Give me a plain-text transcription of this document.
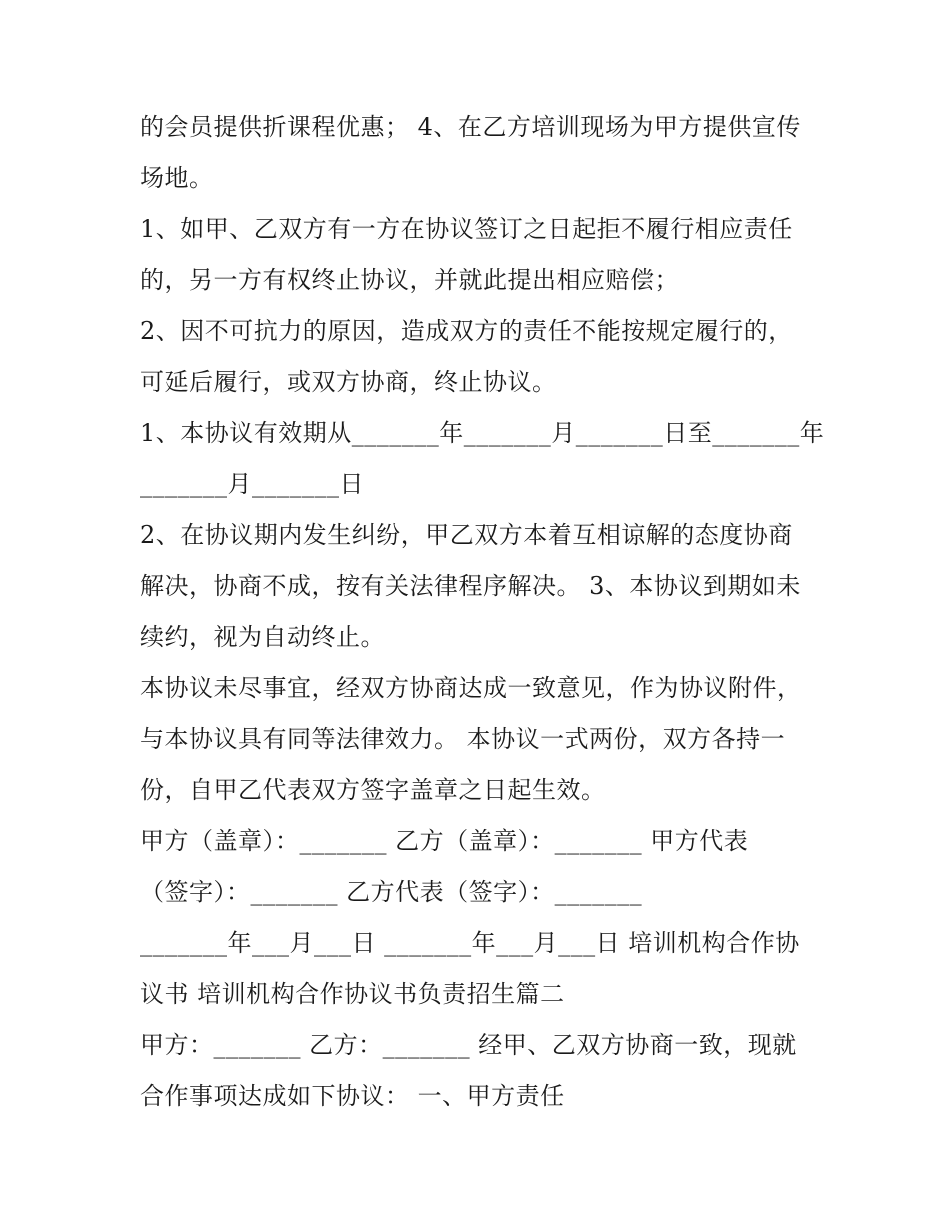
的会员提供折课程优惠； 4、在乙方培训现场为甲方提供宣传
场地。
1、如甲、乙双方有一方在协议签订之日起拒不履行相应责任
的，另一方有权终止协议，并就此提出相应赔偿；
2、因不可抗力的原因，造成双方的责任不能按规定履行的，
可延后履行，或双方协商，终止协议。
1、本协议有效期从_______年_______月_______日至_______年
_______月_______日
2、在协议期内发生纠纷，甲乙双方本着互相谅解的态度协商
解决，协商不成，按有关法律程序解决。 3、本协议到期如未
续约，视为自动终止。
本协议未尽事宜，经双方协商达成一致意见，作为协议附件，
与本协议具有同等法律效力。 本协议一式两份，双方各持一
份，自甲乙代表双方签字盖章之日起生效。
甲方（盖章）：_______ 乙方（盖章）：_______ 甲方代表
（签字）：_______ 乙方代表（签字）：_______
_______年___月___日 _______年___月___日 培训机构合作协
议书 培训机构合作协议书负责招生篇二
甲方：_______ 乙方：_______ 经甲、乙双方协商一致，现就
合作事项达成如下协议： 一、甲方责任
